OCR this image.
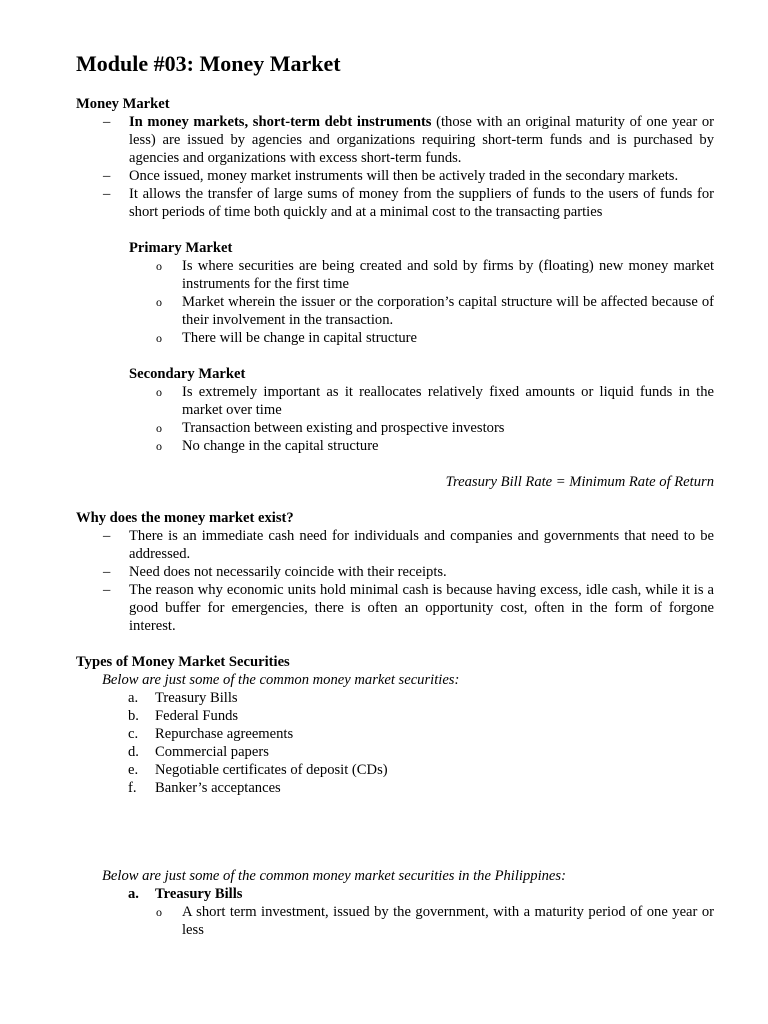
Module #03: Money Market
Money Market
– In money markets, short-term debt instruments (those with an original maturity of one year or less) are issued by agencies and organizations requiring short-term funds and is purchased by agencies and organizations with excess short-term funds.
– Once issued, money market instruments will then be actively traded in the secondary markets.
– It allows the transfer of large sums of money from the suppliers of funds to the users of funds for short periods of time both quickly and at a minimal cost to the transacting parties
Primary Market
o Is where securities are being created and sold by firms by (floating) new money market instruments for the first time
o Market wherein the issuer or the corporation’s capital structure will be affected because of their involvement in the transaction.
o There will be change in capital structure
Secondary Market
o Is extremely important as it reallocates relatively fixed amounts or liquid funds in the market over time
o Transaction between existing and prospective investors
o No change in the capital structure
Treasury Bill Rate = Minimum Rate of Return
Why does the money market exist?
– There is an immediate cash need for individuals and companies and governments that need to be addressed.
– Need does not necessarily coincide with their receipts.
– The reason why economic units hold minimal cash is because having excess, idle cash, while it is a good buffer for emergencies, there is often an opportunity cost, often in the form of forgone interest.
Types of Money Market Securities
Below are just some of the common money market securities:
a. Treasury Bills
b. Federal Funds
c. Repurchase agreements
d. Commercial papers
e. Negotiable certificates of deposit (CDs)
f. Banker’s acceptances
Below are just some of the common money market securities in the Philippines:
a. Treasury Bills
o A short term investment, issued by the government, with a maturity period of one year or less
